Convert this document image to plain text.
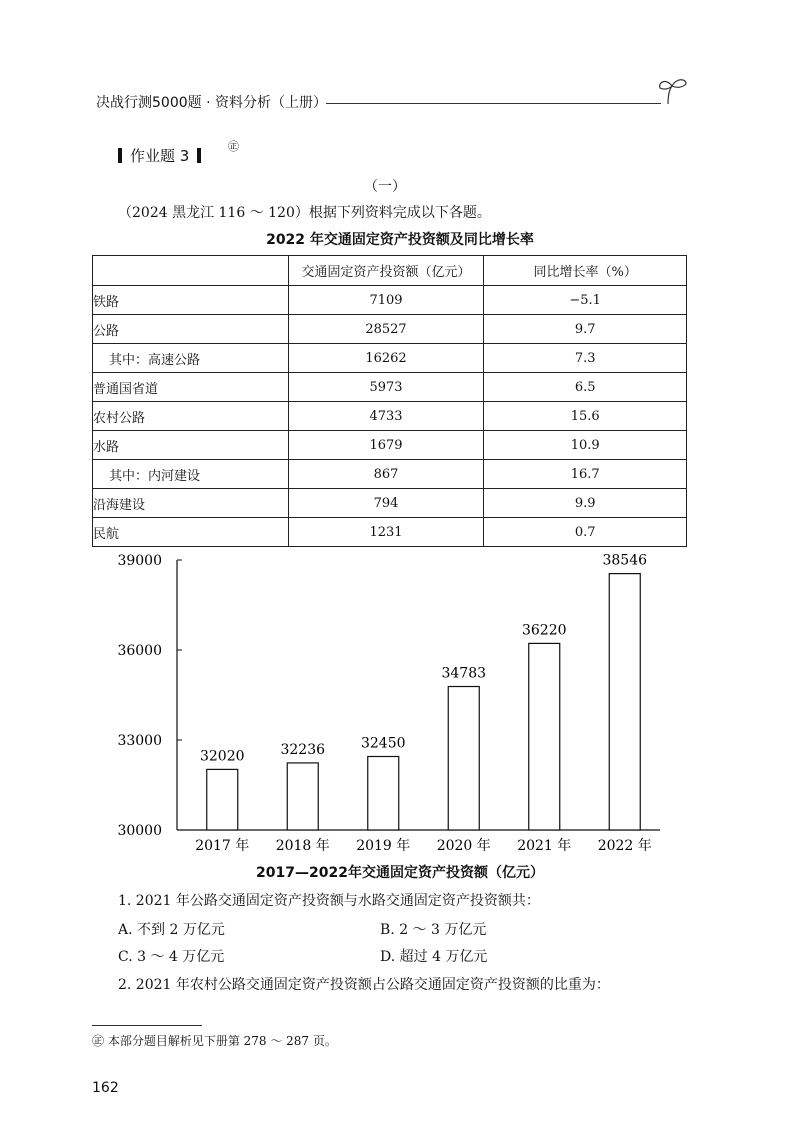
决战行测5000题 · 资料分析（上册）
作业题 3
㊣
（一）
（2024 黑龙江 116 ～ 120）根据下列资料完成以下各题。
2022 年交通固定资产投资额及同比增长率
	交通固定资产投资额（亿元）	同比增长率（%）
铁路	7109	−5.1
公路	28527	9.7
其中：高速公路	16262	7.3
普通国省道	5973	6.5
农村公路	4733	15.6
水路	1679	10.9
其中：内河建设	867	16.7
沿海建设	794	9.9
民航	1231	0.7
30000
33000
36000
39000
32020
2017 年
32236
2018 年
32450
2019 年
34783
2020 年
36220
2021 年
38546
2022 年
2017—2022年交通固定资产投资额（亿元）
1. 2021 年公路交通固定资产投资额与水路交通固定资产投资额共：
A. 不到 2 万亿元	B. 2 ～ 3 万亿元
C. 3 ～ 4 万亿元	D. 超过 4 万亿元
2. 2021 年农村公路交通固定资产投资额占公路交通固定资产投资额的比重为：
㊣ 本部分题目解析见下册第 278 ～ 287 页。
162
